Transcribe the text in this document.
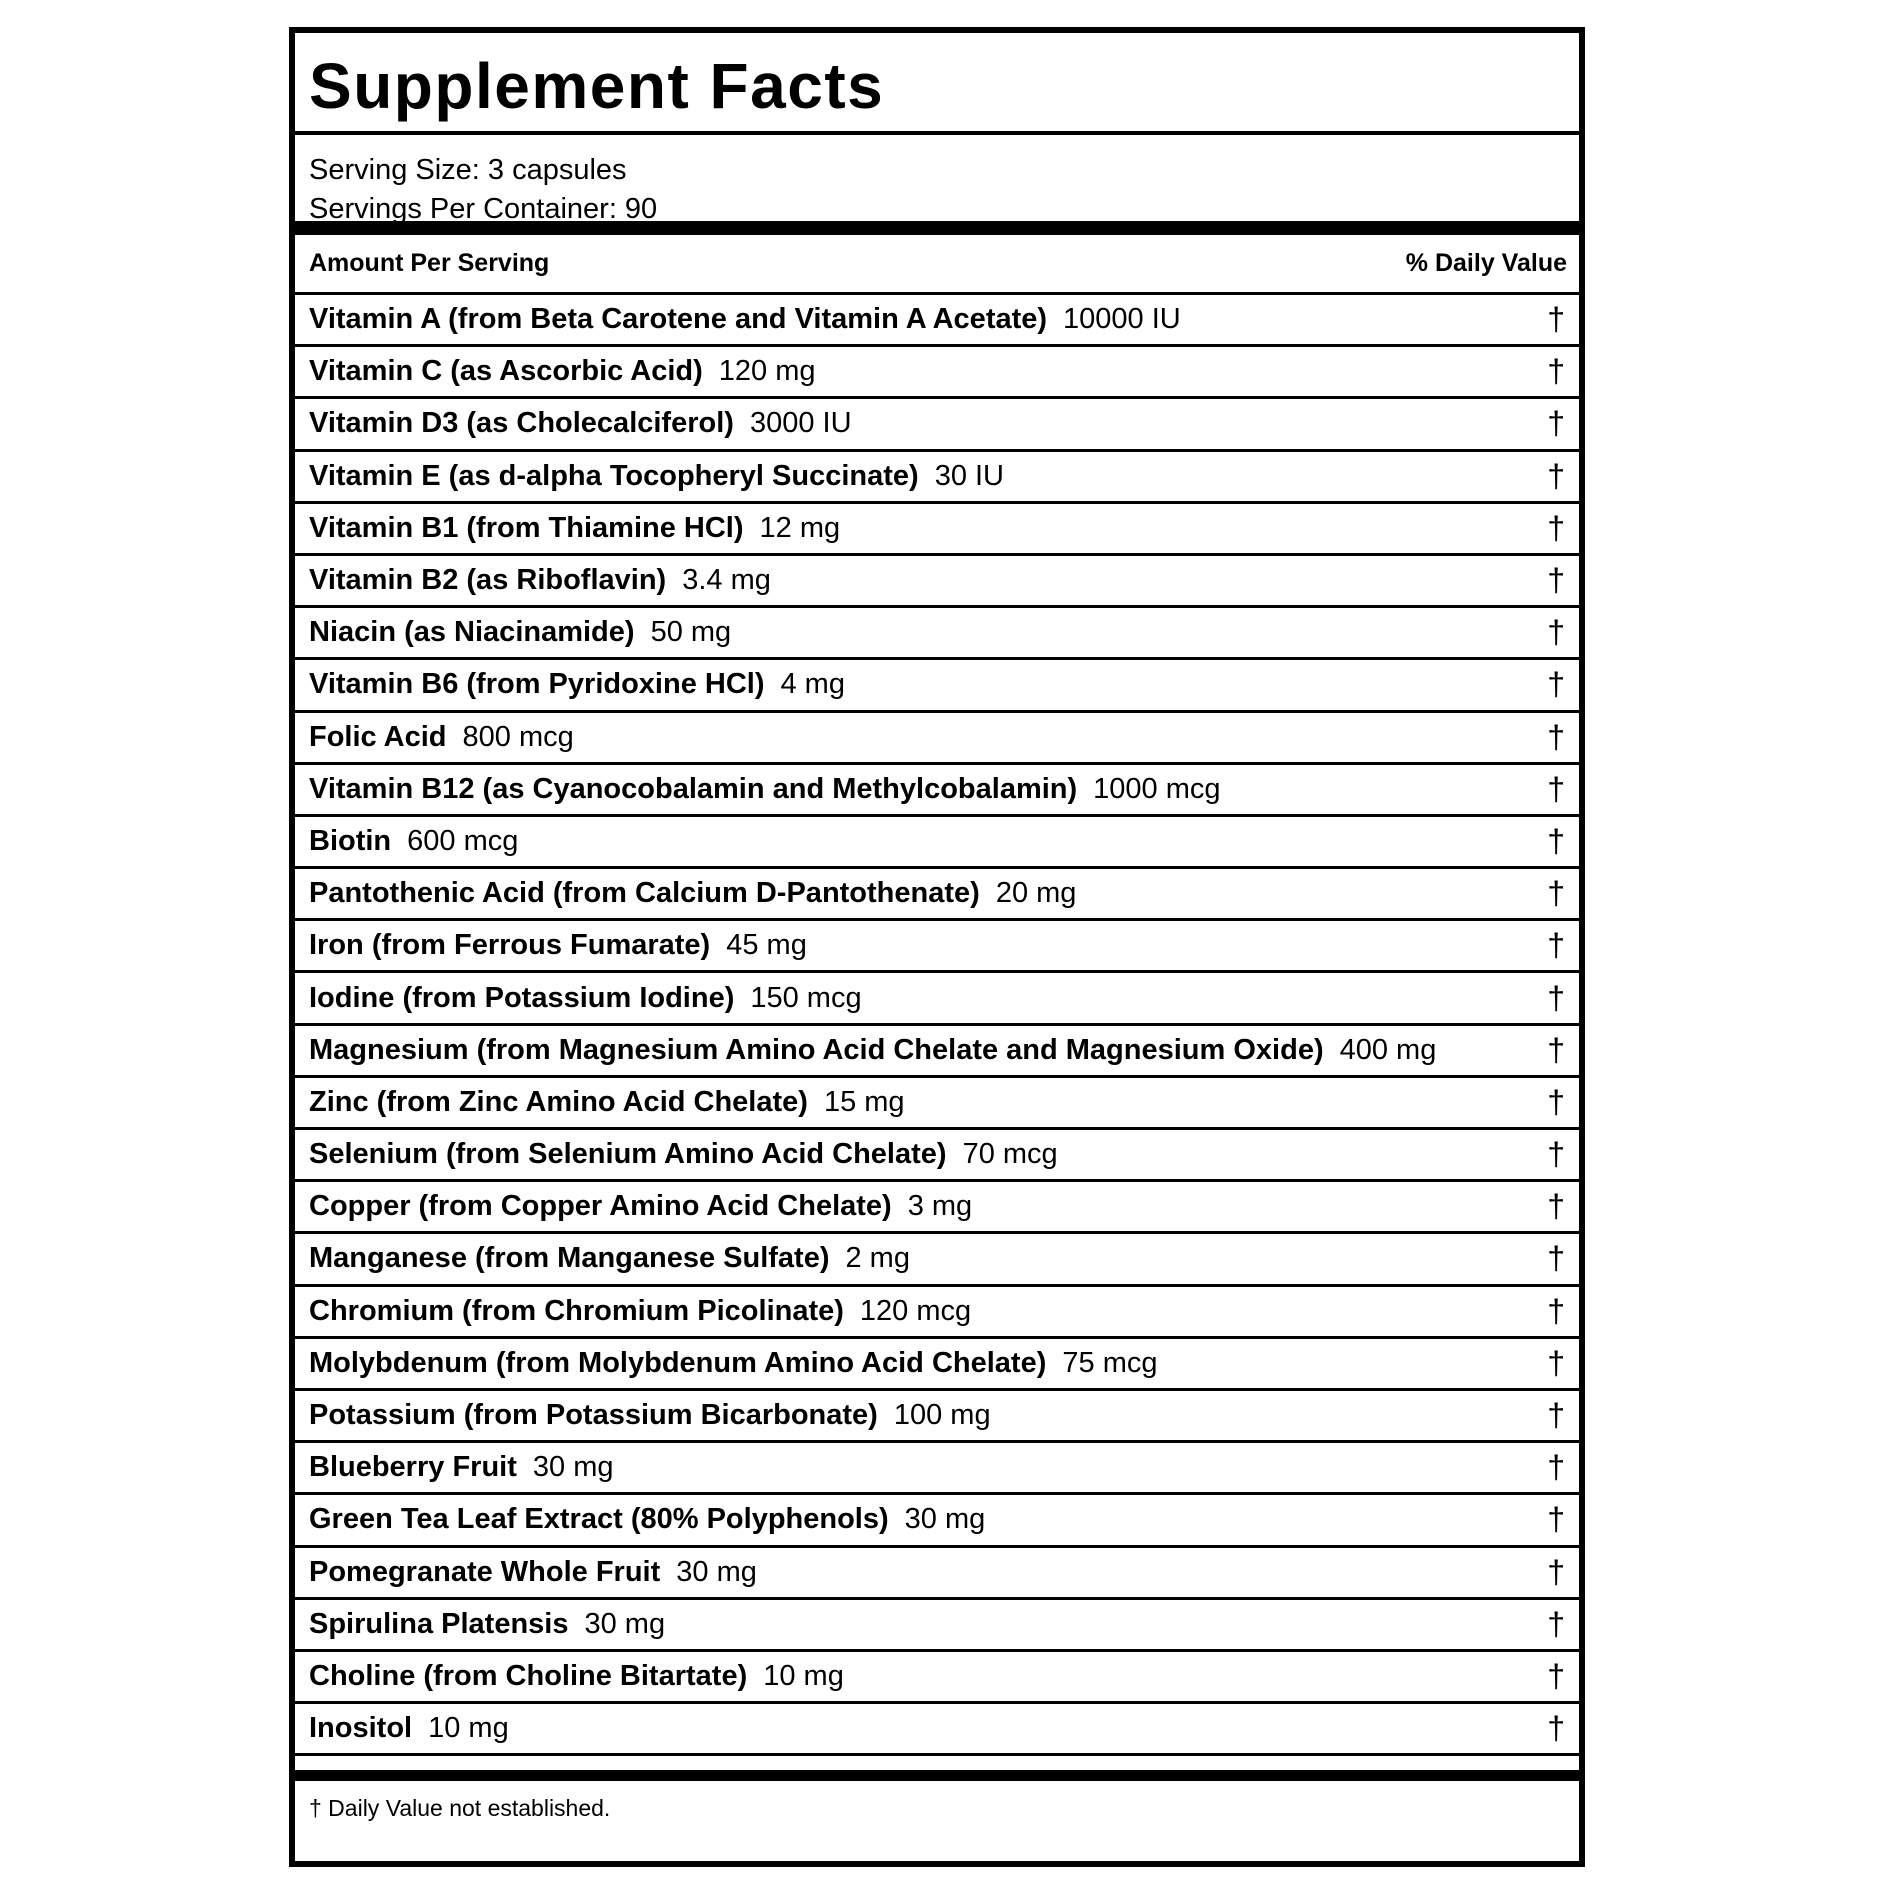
Supplement Facts
Serving Size: 3 capsules
Servings Per Container: 90
Amount Per Serving	% Daily Value
Vitamin A (from Beta Carotene and Vitamin A Acetate) 10000 IU	†
Vitamin C (as Ascorbic Acid) 120 mg	†
Vitamin D3 (as Cholecalciferol) 3000 IU	†
Vitamin E (as d-alpha Tocopheryl Succinate) 30 IU	†
Vitamin B1 (from Thiamine HCl) 12 mg	†
Vitamin B2 (as Riboflavin) 3.4 mg	†
Niacin (as Niacinamide) 50 mg	†
Vitamin B6 (from Pyridoxine HCl) 4 mg	†
Folic Acid 800 mcg	†
Vitamin B12 (as Cyanocobalamin and Methylcobalamin) 1000 mcg	†
Biotin 600 mcg	†
Pantothenic Acid (from Calcium D-Pantothenate) 20 mg	†
Iron (from Ferrous Fumarate) 45 mg	†
Iodine (from Potassium Iodine) 150 mcg	†
Magnesium (from Magnesium Amino Acid Chelate and Magnesium Oxide) 400 mg	†
Zinc (from Zinc Amino Acid Chelate) 15 mg	†
Selenium (from Selenium Amino Acid Chelate) 70 mcg	†
Copper (from Copper Amino Acid Chelate) 3 mg	†
Manganese (from Manganese Sulfate) 2 mg	†
Chromium (from Chromium Picolinate) 120 mcg	†
Molybdenum (from Molybdenum Amino Acid Chelate) 75 mcg	†
Potassium (from Potassium Bicarbonate) 100 mg	†
Blueberry Fruit 30 mg	†
Green Tea Leaf Extract (80% Polyphenols) 30 mg	†
Pomegranate Whole Fruit 30 mg	†
Spirulina Platensis 30 mg	†
Choline (from Choline Bitartate) 10 mg	†
Inositol 10 mg	†
† Daily Value not established.
